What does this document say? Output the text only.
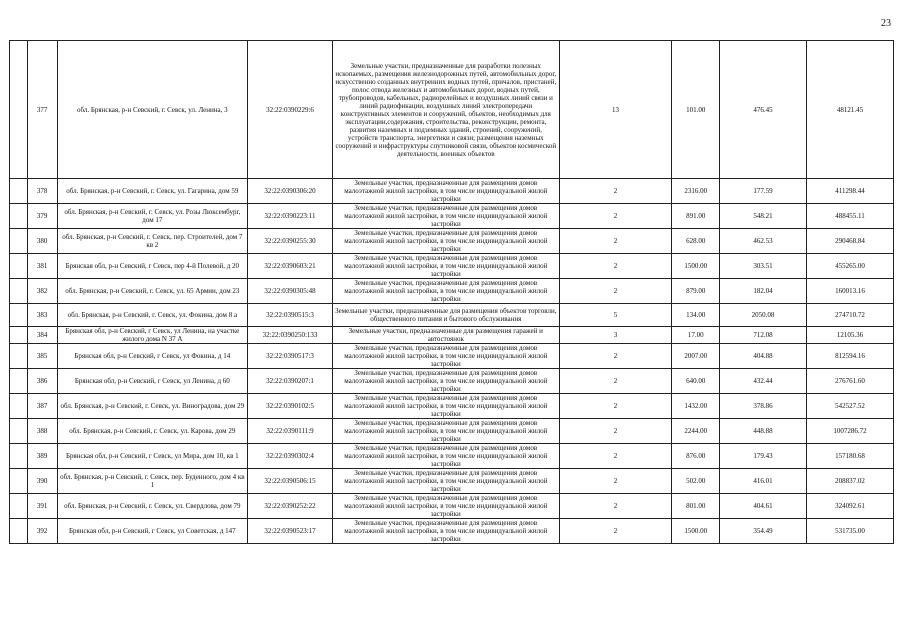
23
	377	обл. Брянская, р-н Севский, г. Севск, ул. Ленина, 3	32:22:0390229:6	Земельные участки, предназначенные для разработки полезных ископаемых, размещения железнодорожных путей, автомобильных дорог, искусственно созданных внутренних водных путей, причалов, пристаней, полос отвода железных и автомобильных дорог, водных путей, трубопроводов, кабельных, радиорелейных и воздушных линий связи и линий радиофикации, воздушных линий электропередачи конструктивных элементов и сооружений, объектов, необходимых для эксплуатации,содержания, строительства, реконструкции, ремонта, развития наземных и подземных зданий, строений, сооружений, устройств транспорта, энергетики и связи; размещения наземных сооружений и инфраструктуры спутниковой связи, объектов космической деятельности, военных объектов	13	101.00	476.45	48121.45
	378	обл. Брянская, р-н Севский, г. Севск, ул. Гагарина, дом 59	32:22:0390306:20	Земельные участки, предназначенные для размещения домов малоэтажной жилой застройки, в том числе индивидуальной жилой застройки	2	2316.00	177.59	411298.44
	379	обл. Брянская, р-н Севский, г. Севск, ул. Розы Люксембург, дом 17	32:22:0390223:11	Земельные участки, предназначенные для размещения домов малоэтажной жилой застройки, в том числе индивидуальной жилой застройки	2	891.00	548.21	488455.11
	380	обл. Брянская, р-н Севский, г. Севск, пер. Строителей, дом 7 кв 2	32:22:0390255:30	Земельные участки, предназначенные для размещения домов малоэтажной жилой застройки, в том числе индивидуальной жилой застройки	2	628.00	462.53	290468.84
	381	Брянская обл, р-н Севский, г Севск, пер 4-й Полевой, д 20	32:22:0390603:21	Земельные участки, предназначенные для размещения домов малоэтажной жилой застройки, в том числе индивидуальной жилой застройки	2	1500.00	303.51	455265.00
	382	обл. Брянская, р-н Севский, г. Севск, ул. 65 Армии, дом 23	32:22:0390305:48	Земельные участки, предназначенные для размещения домов малоэтажной жилой застройки, в том числе индивидуальной жилой застройки	2	879.00	182.04	160013.16
	383	обл. Брянская, р-н Севский, г. Севск, ул. Фокина, дом 8 а	32:22:0390515:3	Земельные участки, предназначенные для размещения объектов торговли, общественного питания и бытового обслуживания	5	134.00	2050.08	274710.72
	384	Брянская обл, р-н Севский, г Севск, ул Ленина, на участке жилого дома N 37 А	32:22:0390250:133	Земельные участки, предназначенные для размещения гаражей и автостоянок	3	17.00	712.08	12105.36
	385	Брянская обл, р-н Севский, г Севск, ул Фокина, д 14	32:22:0390517:3	Земельные участки, предназначенные для размещения домов малоэтажной жилой застройки, в том числе индивидуальной жилой застройки	2	2007.00	404.88	812594.16
	386	Брянская обл, р-н Севский, г Севск, ул Ленина, д 60	32:22:0390207:1	Земельные участки, предназначенные для размещения домов малоэтажной жилой застройки, в том числе индивидуальной жилой застройки	2	640.00	432.44	276761.60
	387	обл. Брянская, р-н Севский, г. Севск, ул. Виноградова, дом 29	32:22:0390102:5	Земельные участки, предназначенные для размещения домов малоэтажной жилой застройки, в том числе индивидуальной жилой застройки	2	1432.00	378.86	542527.52
	388	обл. Брянская, р-н Севский, г. Севск, ул. Карова, дом 29	32:22:0390111:9	Земельные участки, предназначенные для размещения домов малоэтажной жилой застройки, в том числе индивидуальной жилой застройки	2	2244.00	448.88	1007286.72
	389	Брянская обл, р-н Севский, г Севск, ул Мира, дом 10, кв 1	32:22:0390302:4	Земельные участки, предназначенные для размещения домов малоэтажной жилой застройки, в том числе индивидуальной жилой застройки	2	876.00	179.43	157180.68
	390	обл. Брянская, р-н Севский, г. Севск, пер. Буденного, дом 4 кв 1	32:22:0390506:15	Земельные участки, предназначенные для размещения домов малоэтажной жилой застройки, в том числе индивидуальной жилой застройки	2	502.00	416.01	208837.02
	391	обл. Брянская, р-н Севский, г. Севск, ул. Свердлова, дом 79	32:22:0390252:22	Земельные участки, предназначенные для размещения домов малоэтажной жилой застройки, в том числе индивидуальной жилой застройки	2	801.00	404.61	324092.61
	392	Брянская обл, р-н Севский, г Севск, ул Советская, д 147	32:22:0390523:17	Земельные участки, предназначенные для размещения домов малоэтажной жилой застройки, в том числе индивидуальной жилой застройки	2	1500.00	354.49	531735.00
